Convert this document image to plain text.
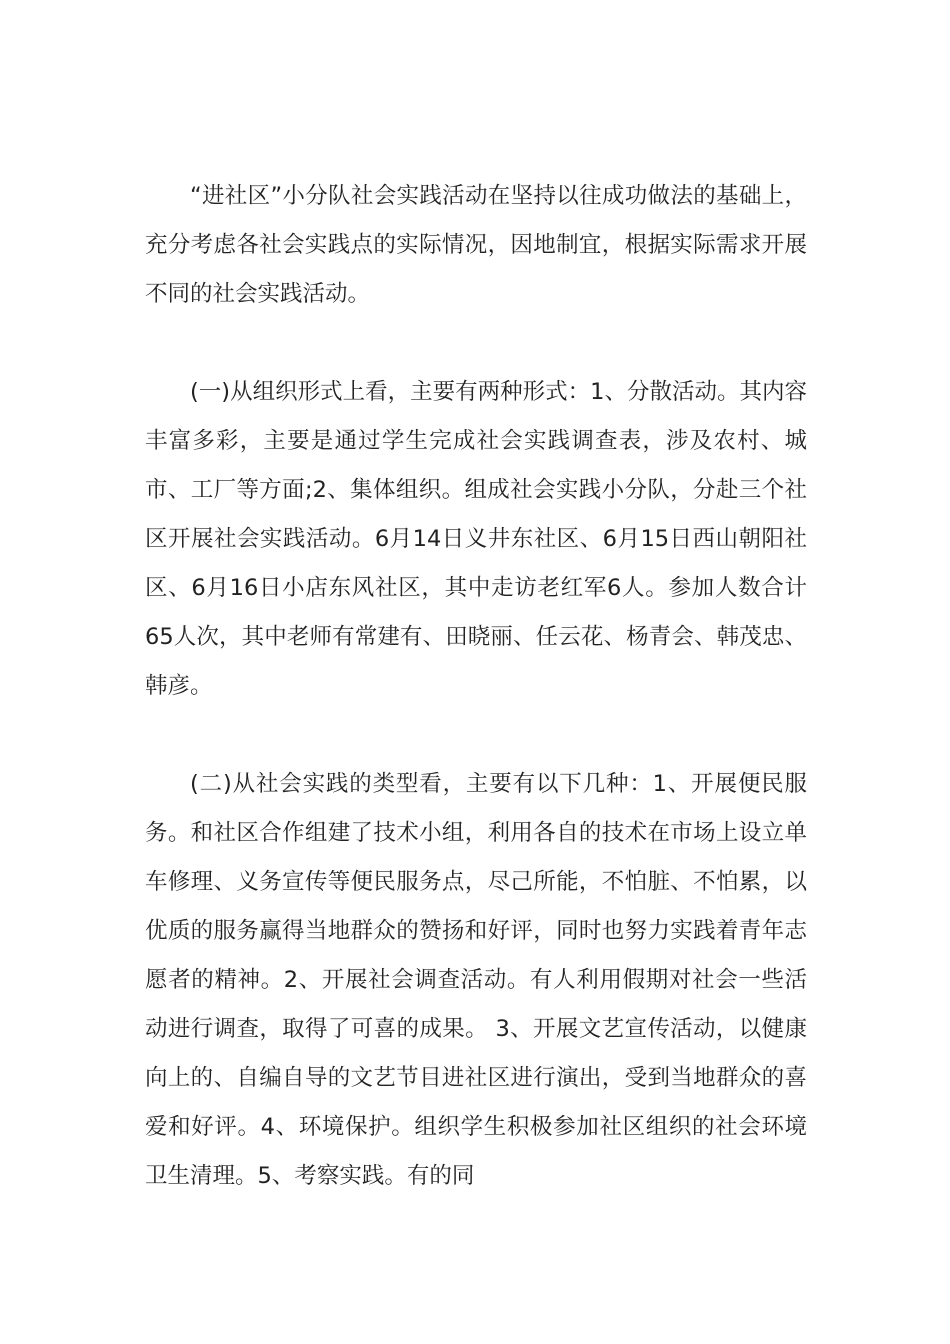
“进社区”小分队社会实践活动在坚持以往成功做法的基础上，充分考虑各社会实践点的实际情况，因地制宜，根据实际需求开展不同的社会实践活动。

(一)从组织形式上看，主要有两种形式：1、分散活动。其内容丰富多彩，主要是通过学生完成社会实践调查表，涉及农村、城市、工厂等方面;2、集体组织。组成社会实践小分队，分赴三个社区开展社会实践活动。6月14日义井东社区、6月15日西山朝阳社区、6月16日小店东风社区，其中走访老红军6人。参加人数合计65人次，其中老师有常建有、田晓丽、任云花、杨青会、韩茂忠、韩彦。

(二)从社会实践的类型看，主要有以下几种：1、开展便民服务。和社区合作组建了技术小组，利用各自的技术在市场上设立单车修理、义务宣传等便民服务点，尽己所能，不怕脏、不怕累，以优质的服务赢得当地群众的赞扬和好评，同时也努力实践着青年志愿者的精神。2、开展社会调查活动。有人利用假期对社会一些活动进行调查，取得了可喜的成果。 3、开展文艺宣传活动，以健康向上的、自编自导的文艺节目进社区进行演出，受到当地群众的喜爱和好评。4、环境保护。组织学生积极参加社区组织的社会环境卫生清理。5、考察实践。有的同
